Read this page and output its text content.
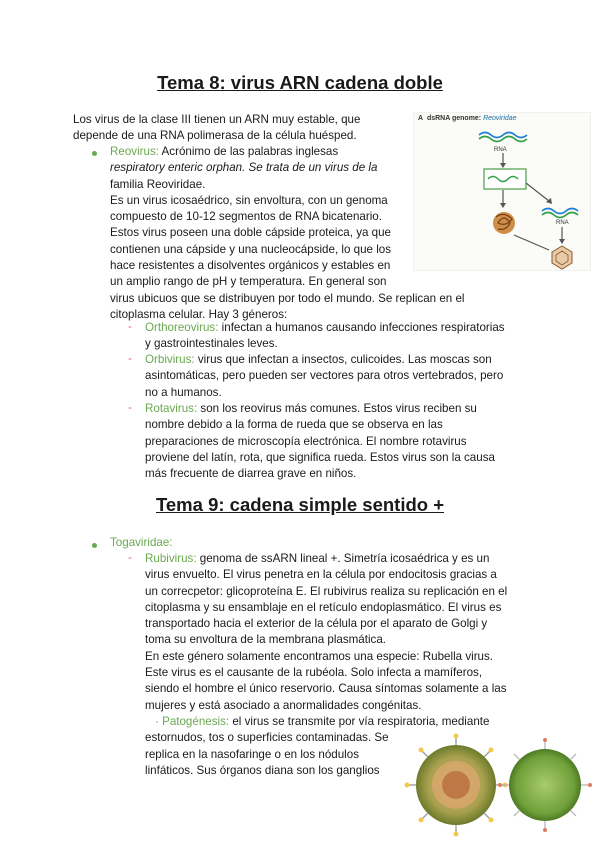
Tema 8: virus ARN cadena doble
Los virus de la clase III tienen un ARN muy estable, que
depende de una RNA polimerasa de la célula huésped.
A dsRNA genome: Reoviridae
RNA
RNA
Reovirus: Acrónimo de las palabras inglesas
respiratory enteric orphan. Se trata de un virus de la
familia Reoviridae.
Es un virus icosaédrico, sin envoltura, con un genoma
compuesto de 10-12 segmentos de RNA bicatenario.
Estos virus poseen una doble cápside proteica, ya que
contienen una cápside y una nucleocápside, lo que los
hace resistentes a disolventes orgánicos y estables en
un amplio rango de pH y temperatura. En general son
virus ubicuos que se distribuyen por todo el mundo. Se replican en el
citoplasma celular. Hay 3 géneros:
- Orthoreovirus: infectan a humanos causando infecciones respiratorias
y gastrointestinales leves.
- Orbivirus: virus que infectan a insectos, culicoides. Las moscas son
asintomáticas, pero pueden ser vectores para otros vertebrados, pero
no a humanos.
- Rotavirus: son los reovirus más comunes. Estos virus reciben su
nombre debido a la forma de rueda que se observa en las
preparaciones de microscopía electrónica. El nombre rotavirus
proviene del latín, rota, que significa rueda. Estos virus son la causa
más frecuente de diarrea grave en niños.
Tema 9: cadena simple sentido +
Togaviridae:
- Rubivirus: genoma de ssARN lineal +. Simetría icosaédrica y es un
virus envuelto. El virus penetra en la célula por endocitosis gracias a
un correcpetor: glicoproteína E. El rubivirus realiza su replicación en el
citoplasma y su ensamblaje en el retículo endoplasmático. El virus es
transportado hacia el exterior de la célula por el aparato de Golgi y
toma su envoltura de la membrana plasmática.
En este género solamente encontramos una especie: Rubella virus.
Este virus es el causante de la rubéola. Solo infecta a mamíferos,
siendo el hombre el único reservorio. Causa síntomas solamente a las
mujeres y está asociado a anormalidades congénitas.
· Patogénesis: el virus se transmite por vía respiratoria, mediante
estornudos, tos o superficies contaminadas. Se
replica en la nasofaringe o en los nódulos
linfáticos. Sus órganos diana son los ganglios
